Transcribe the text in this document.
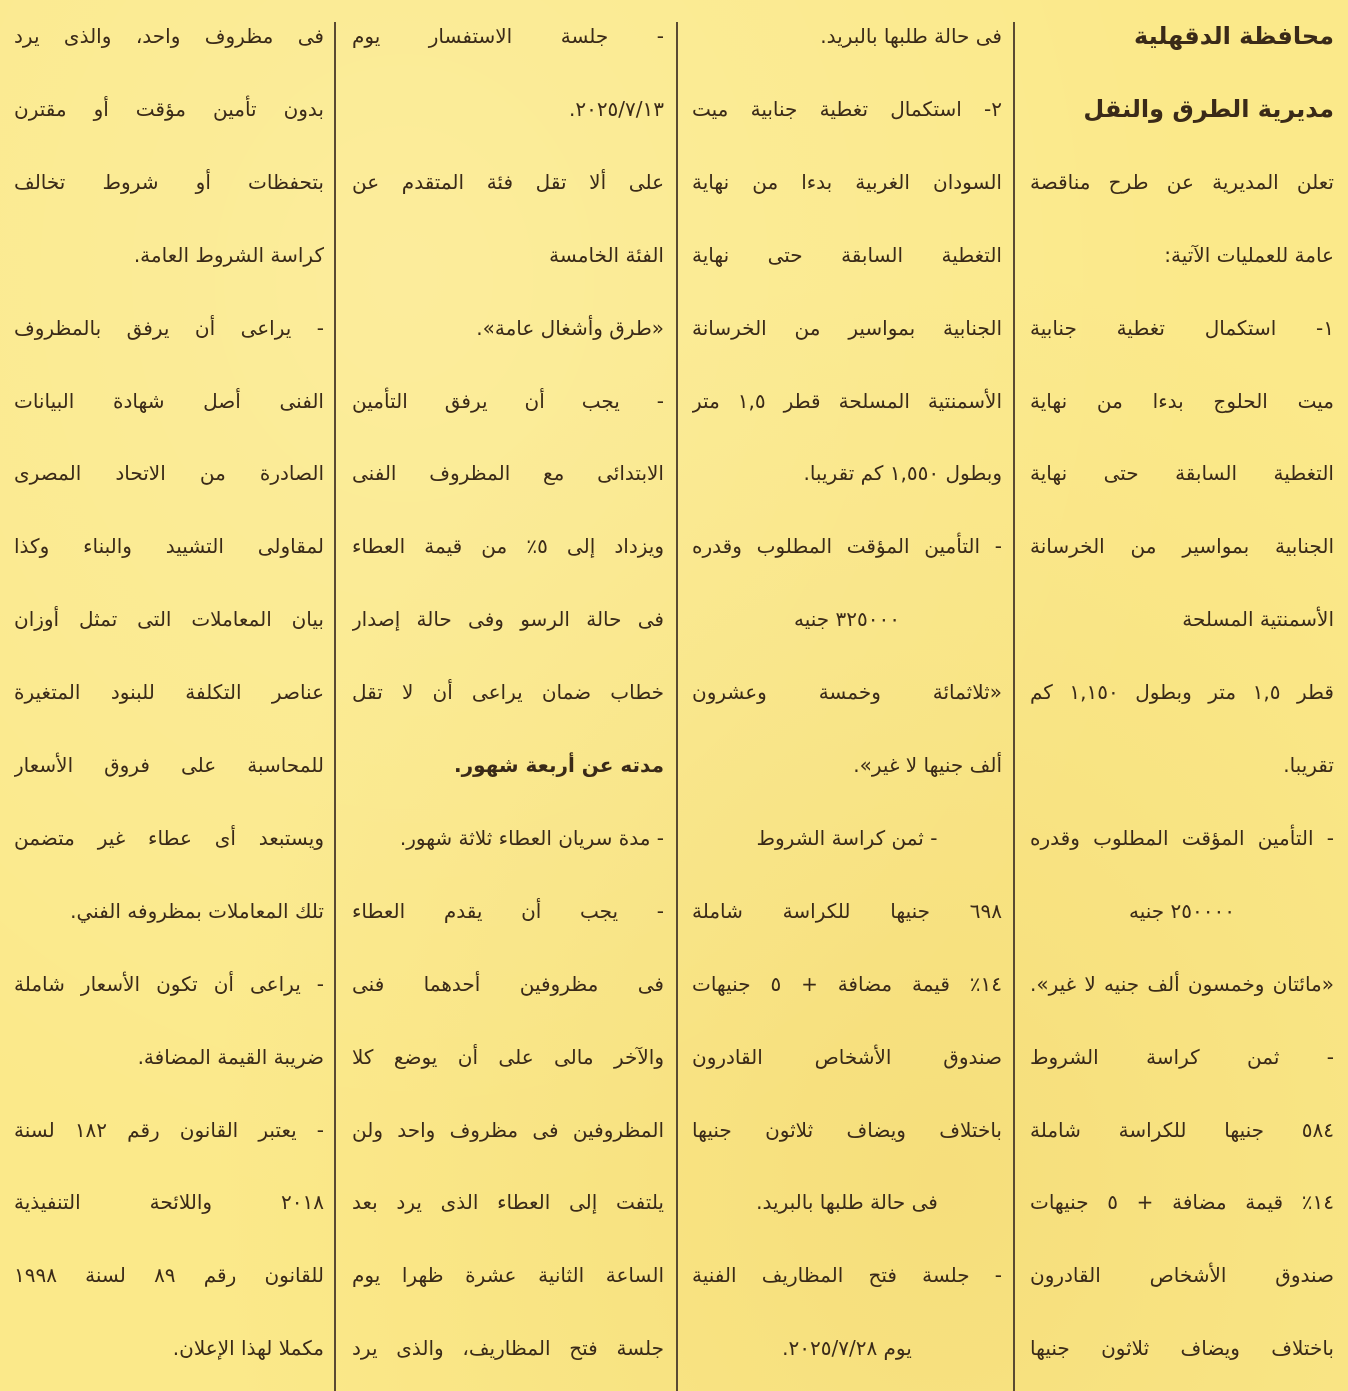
محافظة الدقهلية
مديرية الطرق والنقل
تعلن المديرية عن طرح مناقصة
عامة للعمليات الآتية:
١- استكمال تغطية جنابية
ميت الحلوج بدءا من نهاية
التغطية السابقة حتى نهاية
الجنابية بمواسير من الخرسانة
الأسمنتية المسلحة
قطر ١,٥ متر وبطول ١,١٥٠ كم
تقريبا.
- التأمين المؤقت المطلوب وقدره
٢٥٠٠٠٠ جنيه
«مائتان وخمسون ألف جنيه لا غير».
- ثمن كراسة الشروط
٥٨٤ جنيها للكراسة شاملة
١٤٪ قيمة مضافة + ٥ جنيهات
صندوق الأشخاص القادرون
باختلاف ويضاف ثلاثون جنيها
فى حالة طلبها بالبريد.
٢- استكمال تغطية جنابية ميت
السودان الغربية بدءا من نهاية
التغطية السابقة حتى نهاية
الجنابية بمواسير من الخرسانة
الأسمنتية المسلحة قطر ١,٥ متر
وبطول ١,٥٥٠ كم تقريبا.
- التأمين المؤقت المطلوب وقدره
٣٢٥٠٠٠ جنيه
«ثلاثمائة وخمسة وعشرون
ألف جنيها لا غير».
- ثمن كراسة الشروط
٦٩٨ جنيها للكراسة شاملة
١٤٪ قيمة مضافة + ٥ جنيهات
صندوق الأشخاص القادرون
باختلاف ويضاف ثلاثون جنيها
فى حالة طلبها بالبريد.
- جلسة فتح المظاريف الفنية
يوم ٢٠٢٥/٧/٢٨.
- جلسة الاستفسار يوم
٢٠٢٥/٧/١٣.
على ألا تقل فئة المتقدم عن
الفئة الخامسة
«طرق وأشغال عامة».
- يجب أن يرفق التأمين
الابتدائى مع المظروف الفنى
ويزداد إلى ٥٪ من قيمة العطاء
فى حالة الرسو وفى حالة إصدار
خطاب ضمان يراعى أن لا تقل
مدته عن أربعة شهور.
- مدة سريان العطاء ثلاثة شهور.
- يجب أن يقدم العطاء
فى مظروفين أحدهما فنى
والآخر مالى على أن يوضع كلا
المظروفين فى مظروف واحد ولن
يلتفت إلى العطاء الذى يرد بعد
الساعة الثانية عشرة ظهرا يوم
جلسة فتح المظاريف، والذى يرد
فى مظروف واحد، والذى يرد
بدون تأمين مؤقت أو مقترن
بتحفظات أو شروط تخالف
كراسة الشروط العامة.
- يراعى أن يرفق بالمظروف
الفنى أصل شهادة البيانات
الصادرة من الاتحاد المصرى
لمقاولى التشييد والبناء وكذا
بيان المعاملات التى تمثل أوزان
عناصر التكلفة للبنود المتغيرة
للمحاسبة على فروق الأسعار
ويستبعد أى عطاء غير متضمن
تلك المعاملات بمظروفه الفني.
- يراعى أن تكون الأسعار شاملة
ضريبة القيمة المضافة.
- يعتبر القانون رقم ١٨٢ لسنة
٢٠١٨ واللائحة التنفيذية
للقانون رقم ٨٩ لسنة ١٩٩٨
مكملا لهذا الإعلان.
